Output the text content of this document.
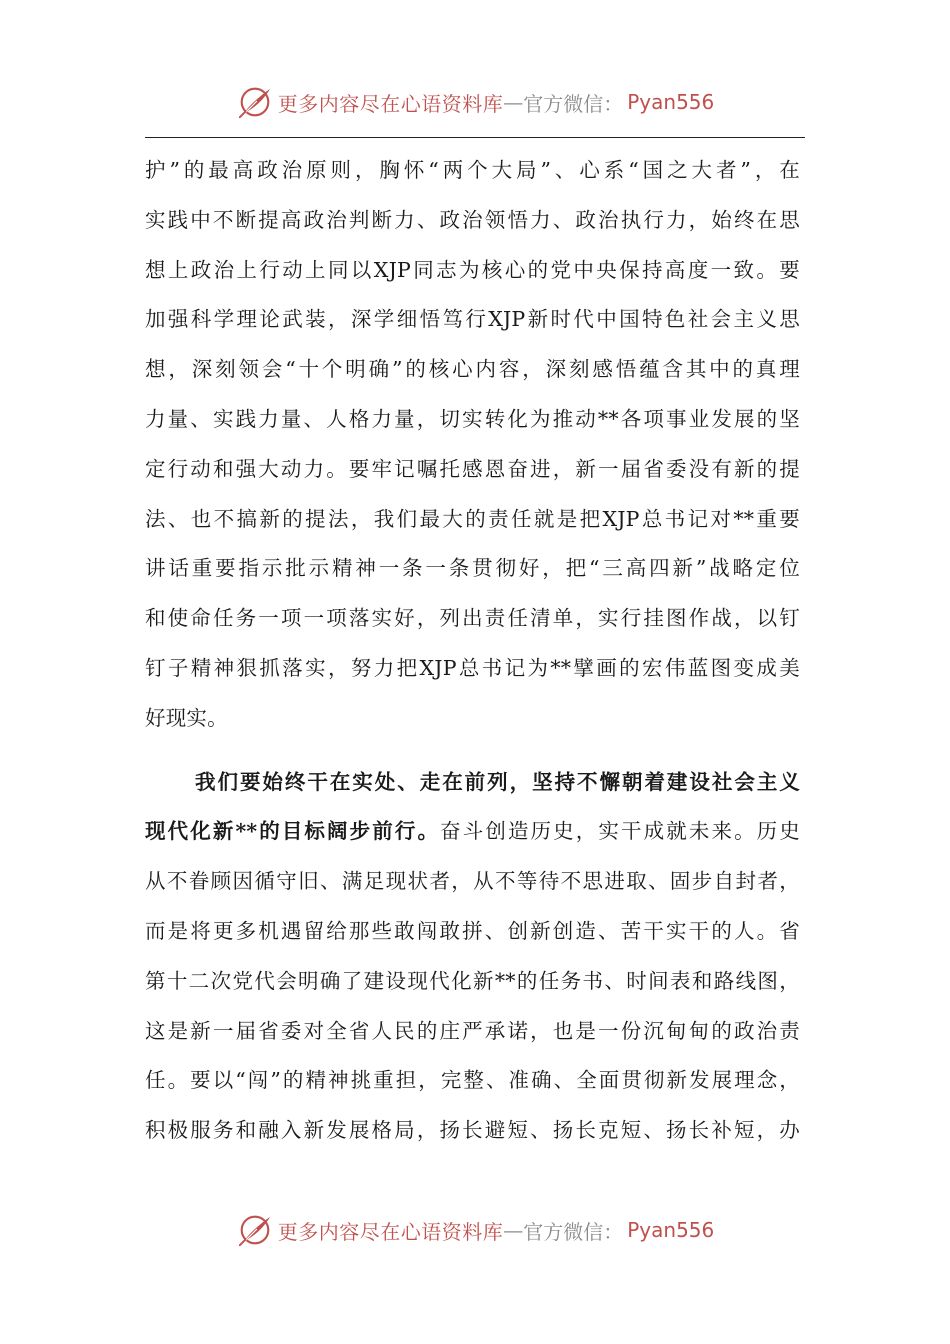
更多内容尽在心语资料库 — 官方微信： Pyan556
护”的最高政治原则，胸怀“两个大局”、心系“国之大者”，在
实践中不断提高政治判断力、政治领悟力、政治执行力，始终在思
想上政治上行动上同以XJP同志为核心的党中央保持高度一致。要
加强科学理论武装，深学细悟笃行XJP新时代中国特色社会主义思
想，深刻领会“十个明确”的核心内容，深刻感悟蕴含其中的真理
力量、实践力量、人格力量，切实转化为推动**各项事业发展的坚
定行动和强大动力。要牢记嘱托感恩奋进，新一届省委没有新的提
法、也不搞新的提法，我们最大的责任就是把XJP总书记对**重要
讲话重要指示批示精神一条一条贯彻好，把“三高四新”战略定位
和使命任务一项一项落实好，列出责任清单，实行挂图作战，以钉
钉子精神狠抓落实，努力把XJP总书记为**擘画的宏伟蓝图变成美
好现实。
我们要始终干在实处、走在前列，坚持不懈朝着建设社会主义
现代化新**的目标阔步前行。奋斗创造历史，实干成就未来。历史
从不眷顾因循守旧、满足现状者，从不等待不思进取、固步自封者，
而是将更多机遇留给那些敢闯敢拼、创新创造、苦干实干的人。省
第十二次党代会明确了建设现代化新**的任务书、时间表和路线图，
这是新一届省委对全省人民的庄严承诺，也是一份沉甸甸的政治责
任。要以“闯”的精神挑重担，完整、准确、全面贯彻新发展理念，
积极服务和融入新发展格局，扬长避短、扬长克短、扬长补短，办
更多内容尽在心语资料库 — 官方微信： Pyan556
